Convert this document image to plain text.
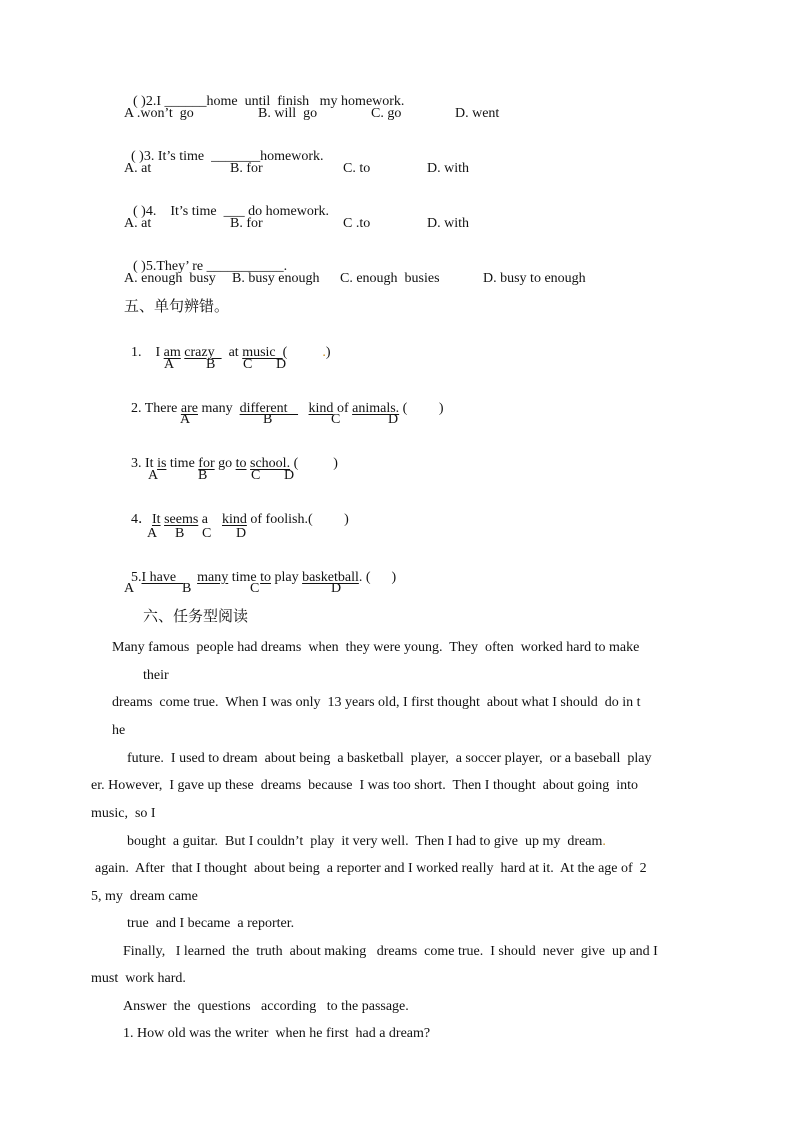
( )2.I ______home  until  finish   my homework.

A .won’t  go	B. will  go	C. go	D. went

( )3. It’s time  _______homework.

A. at	B. for	C. to	D. with

( )4.    It’s time  ___ do homework.

A. at	B. for	C .to	D. with

( )5.They’ re ___________.

A. enough  busy B. busy enough C. enough  busies	D. busy to enough
五、单句辨错。

1.    I am crazy    at music  (          .)

A B C D

2. There are many  different      kind of animals. (         )

A	B	C	D

3. It is time for go to school. (          )

A	B	C D

4．It seems a    kind of foolish.(         )

A B C D

5.I have      many time to play basketball. (      )

A	B	C	D
六、任务型阅读
Many famous  people had dreams  when  they were young.  They  often  worked hard to make
their
dreams  come true.  When I was only  13 years old, I first thought  about what I should  do in t
he
future.  I used to dream  about being  a basketball  player,  a soccer player,  or a baseball  play
er. However,  I gave up these  dreams  because  I was too short.  Then I thought  about going  into
music,  so I
bought  a guitar.  But I couldn’t  play  it very well.  Then I had to give  up my  dream.
again.  After  that I thought  about being  a reporter and I worked really  hard at it.  At the age of  2
5, my  dream came
true  and I became  a reporter.
Finally,   I learned  the  truth  about making   dreams  come true.  I should  never  give  up and I
must  work hard.
Answer  the  questions   according   to the passage.
1. How old was the writer  when he first  had a dream?
